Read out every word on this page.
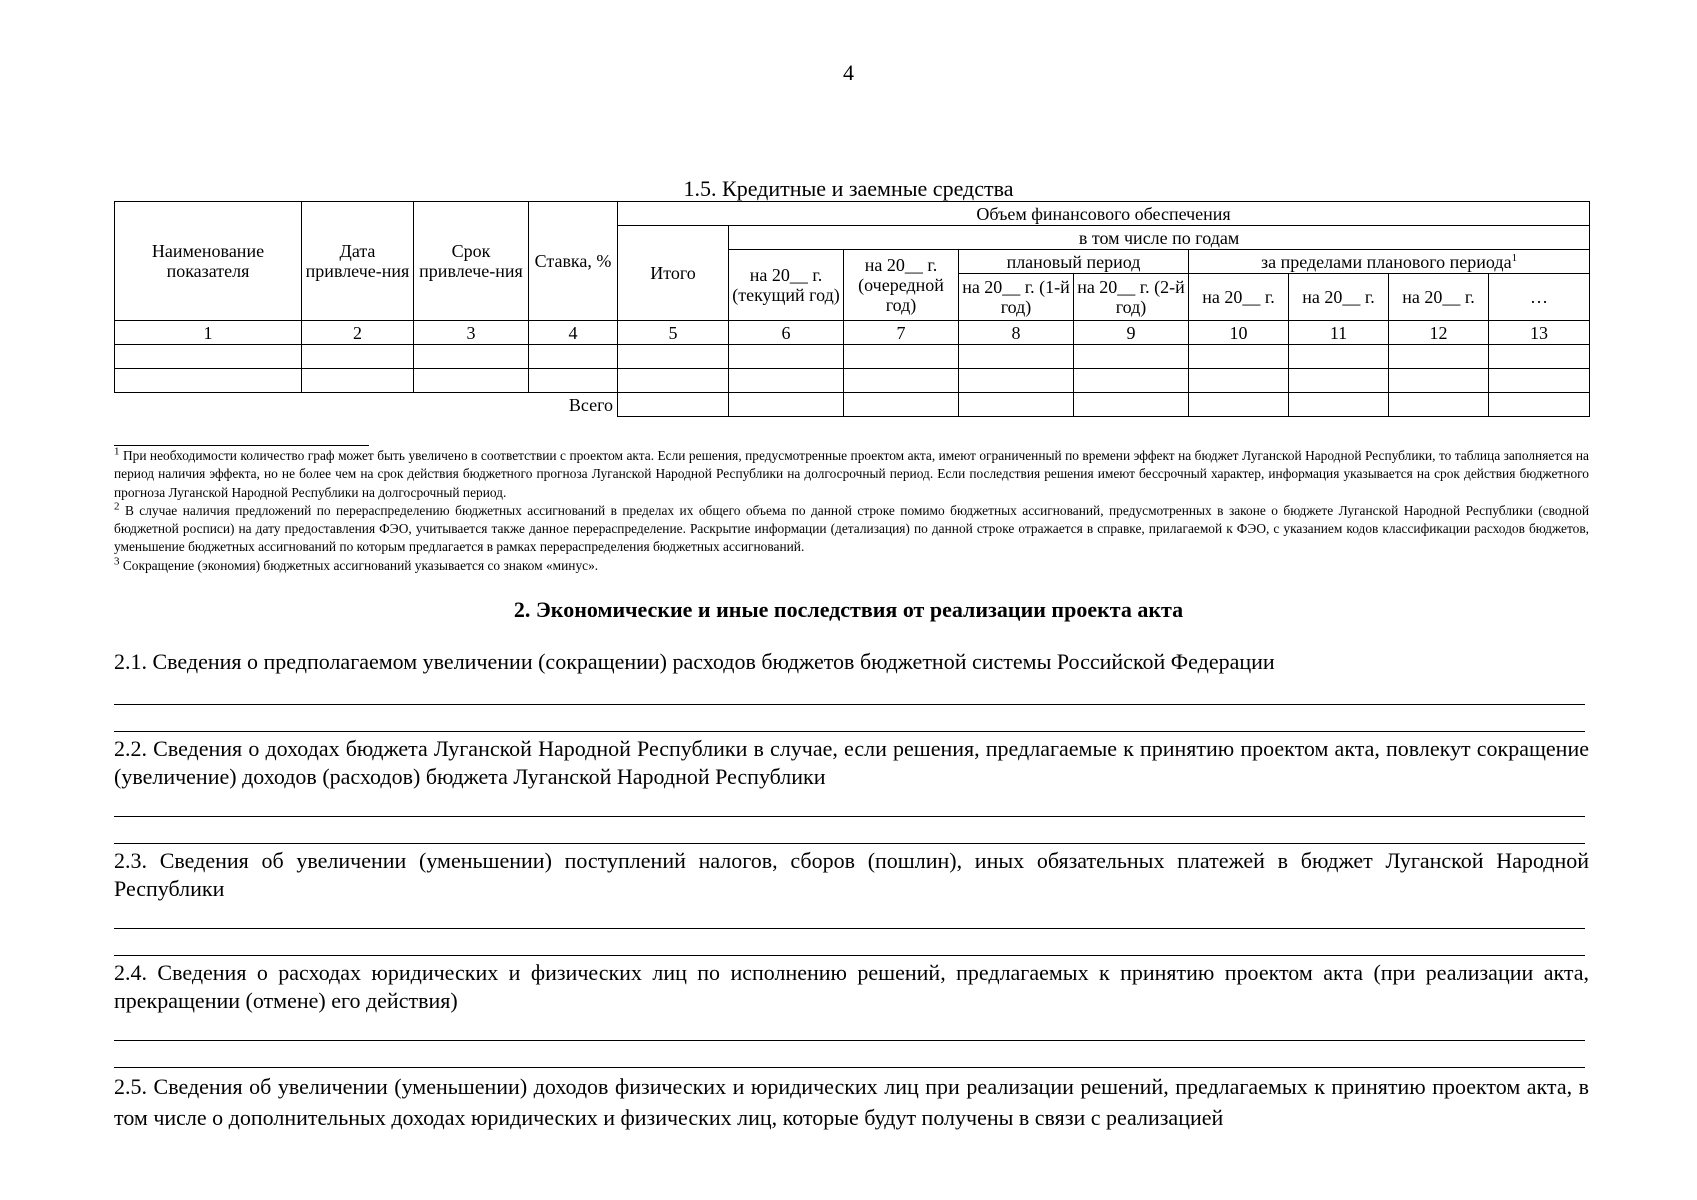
4
1.5. Кредитные и заемные средства
Наименование показателя	Дата привлече-ния	Срок привлече-ния	Ставка, %	Объем финансового обеспечения								
				Итого	в том числе по годам							
					на 20__ г. (текущий год)	на 20__ г. (очередной год)	плановый период		за пределами планового периода$^1$
							на 20__ г. (1-й год)	на 20__ г. (2-й год)	на 20__ г.	на 20__ г.	на 20__ г.	…
1	2	3	4	5	6	7	8	9	10	11	12	13

			Всего									

$^1$ При необходимости количество граф может быть увеличено в соответствии с проектом акта. Если решения, предусмотренные проектом акта, имеют ограниченный по времени эффект на бюджет Луганской Народной Республики, то таблица заполняется на период наличия эффекта, но не более чем на срок действия бюджетного прогноза Луганской Народной Республики на долгосрочный период. Если последствия решения имеют бессрочный характер, информация указывается на срок действия бюджетного прогноза Луганской Народной Республики на долгосрочный период.

$^2$ В случае наличия предложений по перераспределению бюджетных ассигнований в пределах их общего объема по данной строке помимо бюджетных ассигнований, предусмотренных в законе о бюджете Луганской Народной Республики (сводной бюджетной росписи) на дату предоставления ФЭО, учитывается также данное перераспределение. Раскрытие информации (детализация) по данной строке отражается в справке, прилагаемой к ФЭО, с указанием кодов классификации расходов бюджетов, уменьшение бюджетных ассигнований по которым предлагается в рамках перераспределения бюджетных ассигнований.

$^3$ Сокращение (экономия) бюджетных ассигнований указывается со знаком «минус».

2. Экономические и иные последствия от реализации проекта акта
2.1. Сведения о предполагаемом увеличении (сокращении) расходов бюджетов бюджетной системы Российской Федерации
2.2. Сведения о доходах бюджета Луганской Народной Республики в случае, если решения, предлагаемые к принятию проектом акта, повлекут сокращение (увеличение) доходов (расходов) бюджета Луганской Народной Республики
2.3. Сведения об увеличении (уменьшении) поступлений налогов, сборов (пошлин), иных обязательных платежей в бюджет Луганской Народной Республики
2.4. Сведения о расходах юридических и физических лиц по исполнению решений, предлагаемых к принятию проектом акта (при реализации акта, прекращении (отмене) его действия)
2.5. Сведения об увеличении (уменьшении) доходов физических и юридических лиц при реализации решений, предлагаемых к принятию проектом акта, в том числе о дополнительных доходах юридических и физических лиц, которые будут получены в связи с реализацией
